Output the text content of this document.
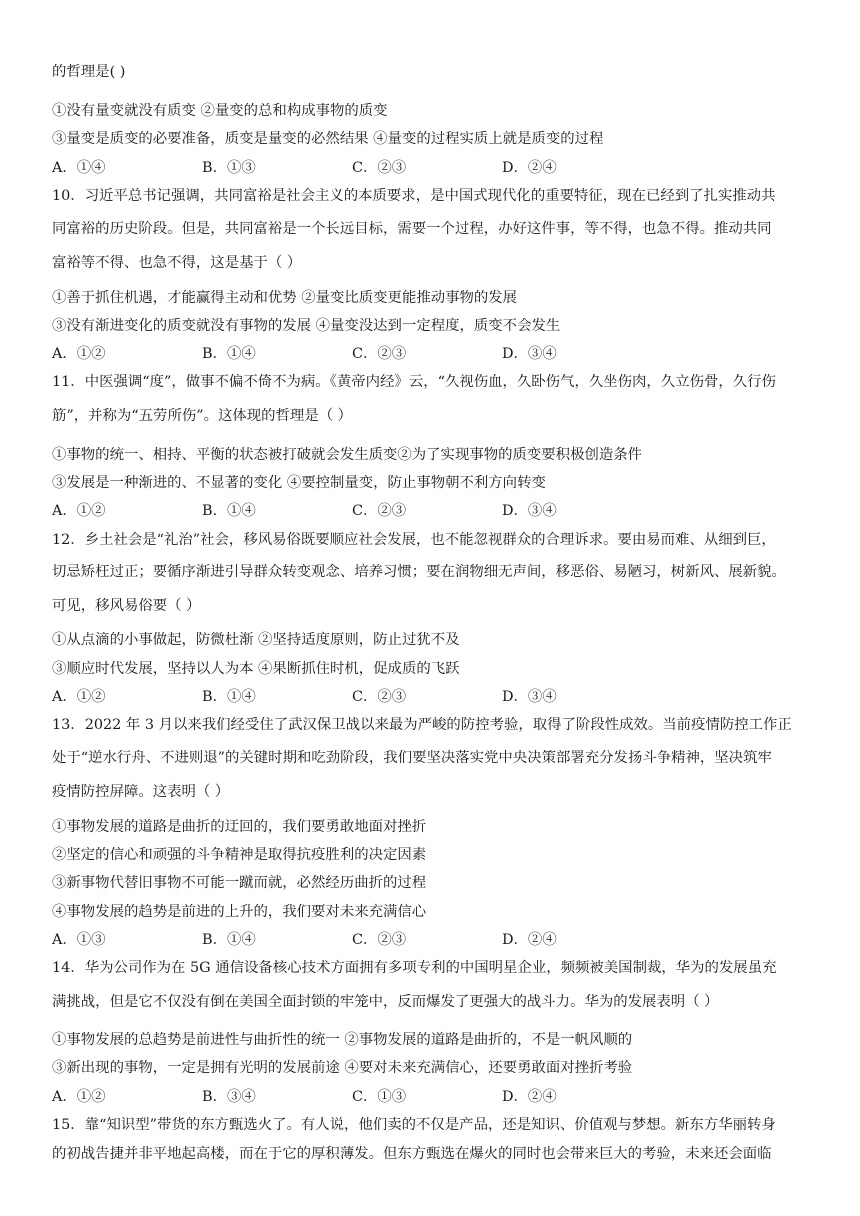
的哲理是( )
①没有量变就没有质变 ②量变的总和构成事物的质变
③量变是质变的必要准备，质变是量变的必然结果 ④量变的过程实质上就是质变的过程
A．①④	B．①③	C．②③	D．②④
10．习近平总书记强调，共同富裕是社会主义的本质要求，是中国式现代化的重要特征，现在已经到了扎实推动共
同富裕的历史阶段。但是，共同富裕是一个长远目标，需要一个过程，办好这件事，等不得，也急不得。推动共同
富裕等不得、也急不得，这是基于（ ）
①善于抓住机遇，才能赢得主动和优势 ②量变比质变更能推动事物的发展
③没有渐进变化的质变就没有事物的发展 ④量变没达到一定程度，质变不会发生
A．①②	B．①④	C．②③	D．③④
11．中医强调“度”，做事不偏不倚不为病。《黄帝内经》云，“久视伤血，久卧伤气，久坐伤肉，久立伤骨，久行伤
筋”，并称为“五劳所伤”。这体现的哲理是（ ）
①事物的统一、相持、平衡的状态被打破就会发生质变②为了实现事物的质变要积极创造条件
③发展是一种渐进的、不显著的变化 ④要控制量变，防止事物朝不利方向转变
A．①②	B．①④	C．②③	D．③④
12．乡土社会是“礼治”社会，移风易俗既要顺应社会发展，也不能忽视群众的合理诉求。要由易而难、从细到巨，
切忌矫枉过正；要循序渐进引导群众转变观念、培养习惯；要在润物细无声间，移恶俗、易陋习，树新风、展新貌。
可见，移风易俗要（ ）
①从点滴的小事做起，防微杜渐 ②坚持适度原则，防止过犹不及
③顺应时代发展，坚持以人为本 ④果断抓住时机，促成质的飞跃
A．①②	B．①④	C．②③	D．③④
13．2022 年 3 月以来我们经受住了武汉保卫战以来最为严峻的防控考验，取得了阶段性成效。当前疫情防控工作正
处于“逆水行舟、不进则退”的关键时期和吃劲阶段，我们要坚决落实党中央决策部署充分发扬斗争精神，坚决筑牢
疫情防控屏障。这表明（ ）
①事物发展的道路是曲折的迂回的，我们要勇敢地面对挫折
②坚定的信心和顽强的斗争精神是取得抗疫胜利的决定因素
③新事物代替旧事物不可能一蹴而就，必然经历曲折的过程
④事物发展的趋势是前进的上升的，我们要对未来充满信心
A．①③	B．①④	C．②③	D．②④
14．华为公司作为在 5G 通信设备核心技术方面拥有多项专利的中国明星企业，频频被美国制裁，华为的发展虽充
满挑战，但是它不仅没有倒在美国全面封锁的牢笼中，反而爆发了更强大的战斗力。华为的发展表明（ ）
①事物发展的总趋势是前进性与曲折性的统一 ②事物发展的道路是曲折的，不是一帆风顺的
③新出现的事物，一定是拥有光明的发展前途 ④要对未来充满信心，还要勇敢面对挫折考验
A．①②	B．③④	C．①③	D．②④
15．靠“知识型”带货的东方甄选火了。有人说，他们卖的不仅是产品，还是知识、价值观与梦想。新东方华丽转身
的初战告捷并非平地起高楼，而在于它的厚积薄发。但东方甄选在爆火的同时也会带来巨大的考验，未来还会面临
